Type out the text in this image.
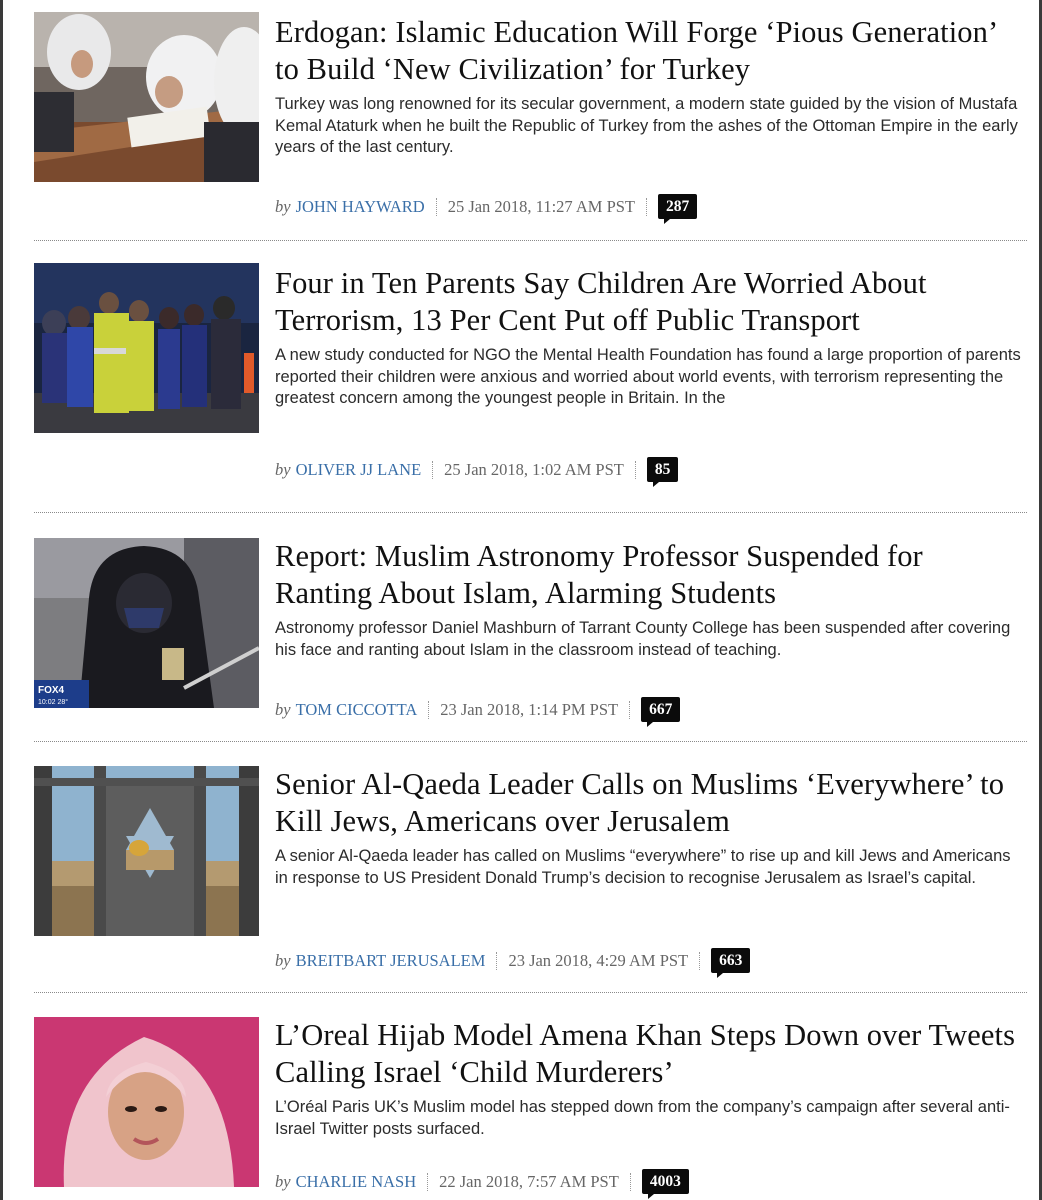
Erdogan: Islamic Education Will Forge ‘Pious Generation’ to Build ‘New Civilization’ for Turkey

Turkey was long renowned for its secular government, a modern state guided by the vision of Mustafa Kemal Ataturk when he built the Republic of Turkey from the ashes of the Ottoman Empire in the early years of the last century.

by JOHN HAYWARD 25 Jan 2018, 11:27 AM PST	287
Four in Ten Parents Say Children Are Worried About Terrorism, 13 Per Cent Put off Public Transport

A new study conducted for NGO the Mental Health Foundation has found a large proportion of parents reported their children were anxious and worried about world events, with terrorism representing the greatest concern among the youngest people in Britain. In the

by OLIVER JJ LANE 25 Jan 2018, 1:02 AM PST	85
FOX4
10:02 28°
Report: Muslim Astronomy Professor Suspended for Ranting About Islam, Alarming Students

Astronomy professor Daniel Mashburn of Tarrant County College has been suspended after covering his face and ranting about Islam in the classroom instead of teaching.

by TOM CICCOTTA 23 Jan 2018, 1:14 PM PST	667
Senior Al-Qaeda Leader Calls on Muslims ‘Everywhere’ to Kill Jews, Americans over Jerusalem

A senior Al-Qaeda leader has called on Muslims “everywhere” to rise up and kill Jews and Americans in response to US President Donald Trump’s decision to recognise Jerusalem as Israel’s capital.

by BREITBART JERUSALEM 23 Jan 2018, 4:29 AM PST	663
L’Oreal Hijab Model Amena Khan Steps Down over Tweets Calling Israel ‘Child Murderers’

L’Oréal Paris UK’s Muslim model has stepped down from the company’s campaign after several anti-Israel Twitter posts surfaced.

by CHARLIE NASH 22 Jan 2018, 7:57 AM PST	4003
